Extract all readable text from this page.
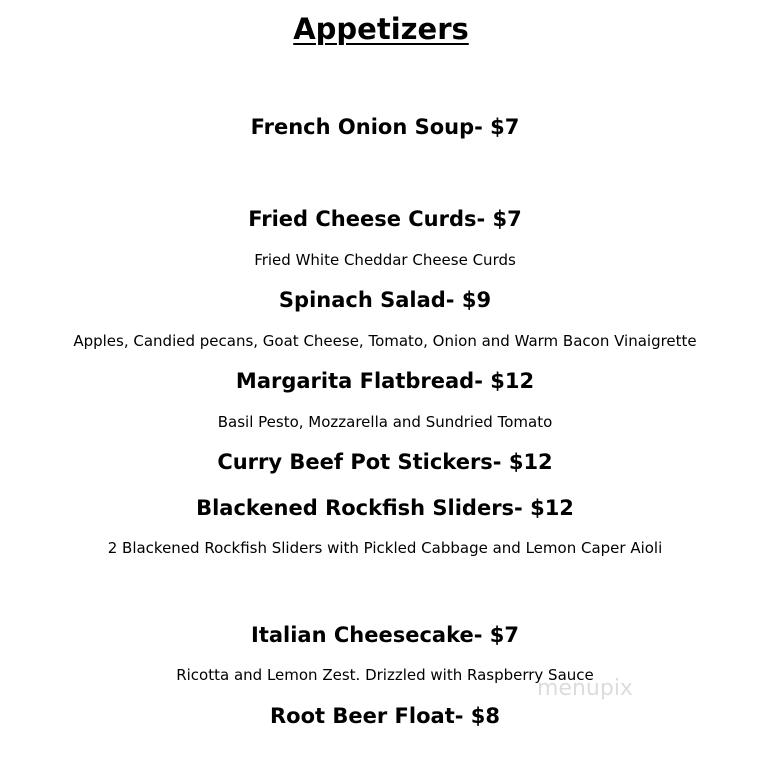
Appetizers
French Onion Soup- $7
Fried Cheese Curds- $7
Fried White Cheddar Cheese Curds
Spinach Salad- $9
Apples, Candied pecans, Goat Cheese, Tomato, Onion and Warm Bacon Vinaigrette
Margarita Flatbread- $12
Basil Pesto, Mozzarella and Sundried Tomato
Curry Beef Pot Stickers- $12
Blackened Rockfish Sliders- $12
2 Blackened Rockfish Sliders with Pickled Cabbage and Lemon Caper Aioli
Italian Cheesecake- $7
Ricotta and Lemon Zest. Drizzled with Raspberry Sauce
Root Beer Float- $8
menupix
